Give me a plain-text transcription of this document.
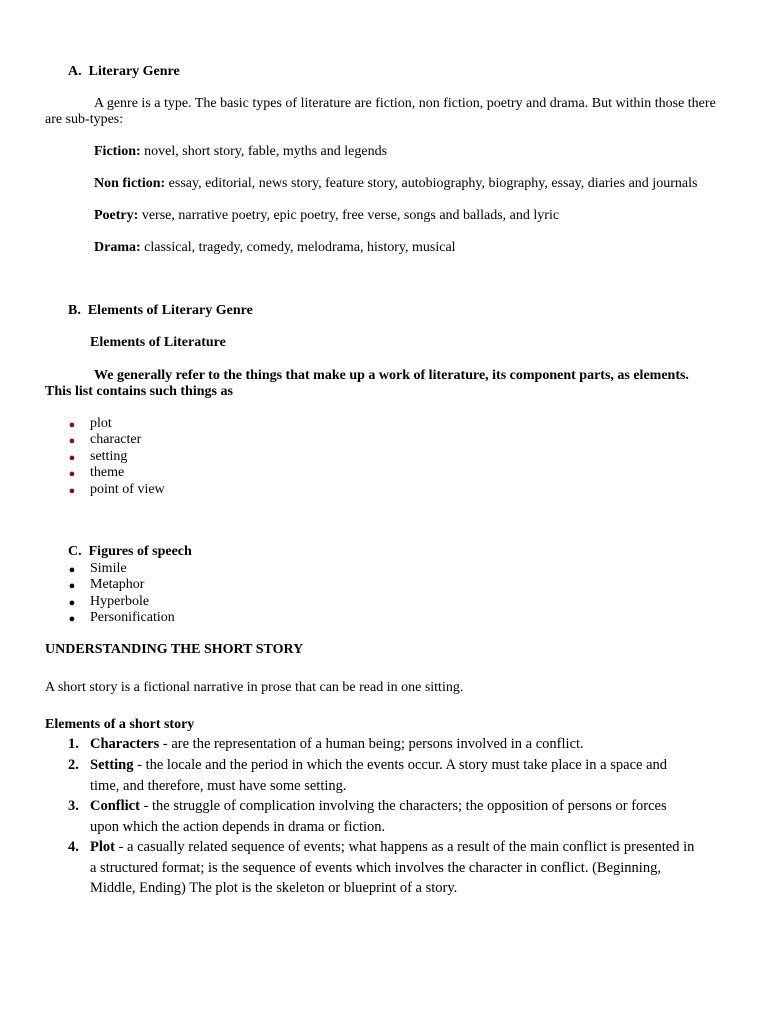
A. Literary Genre
A genre is a type. The basic types of literature are fiction, non fiction, poetry and drama. But within those there
are sub-types:
Fiction: novel, short story, fable, myths and legends
Non fiction: essay, editorial, news story, feature story, autobiography, biography, essay, diaries and journals
Poetry: verse, narrative poetry, epic poetry, free verse, songs and ballads, and lyric
Drama: classical, tragedy, comedy, melodrama, history, musical
B. Elements of Literary Genre
Elements of Literature
We generally refer to the things that make up a work of literature, its component parts, as elements.
This list contains such things as
●	plot
●	character
●	setting
●	theme
●	point of view
C. Figures of speech
●	Simile
●	Metaphor
●	Hyperbole
●	Personification
UNDERSTANDING THE SHORT STORY
A short story is a fictional narrative in prose that can be read in one sitting.
Elements of a short story
1. Characters - are the representation of a human being; persons involved in a conflict.
2. Setting - the locale and the period in which the events occur. A story must take place in a space and
time, and therefore, must have some setting.
3. Conflict - the struggle of complication involving the characters; the opposition of persons or forces
upon which the action depends in drama or fiction.
4. Plot - a casually related sequence of events; what happens as a result of the main conflict is presented in
a structured format; is the sequence of events which involves the character in conflict. (Beginning,
Middle, Ending) The plot is the skeleton or blueprint of a story.
